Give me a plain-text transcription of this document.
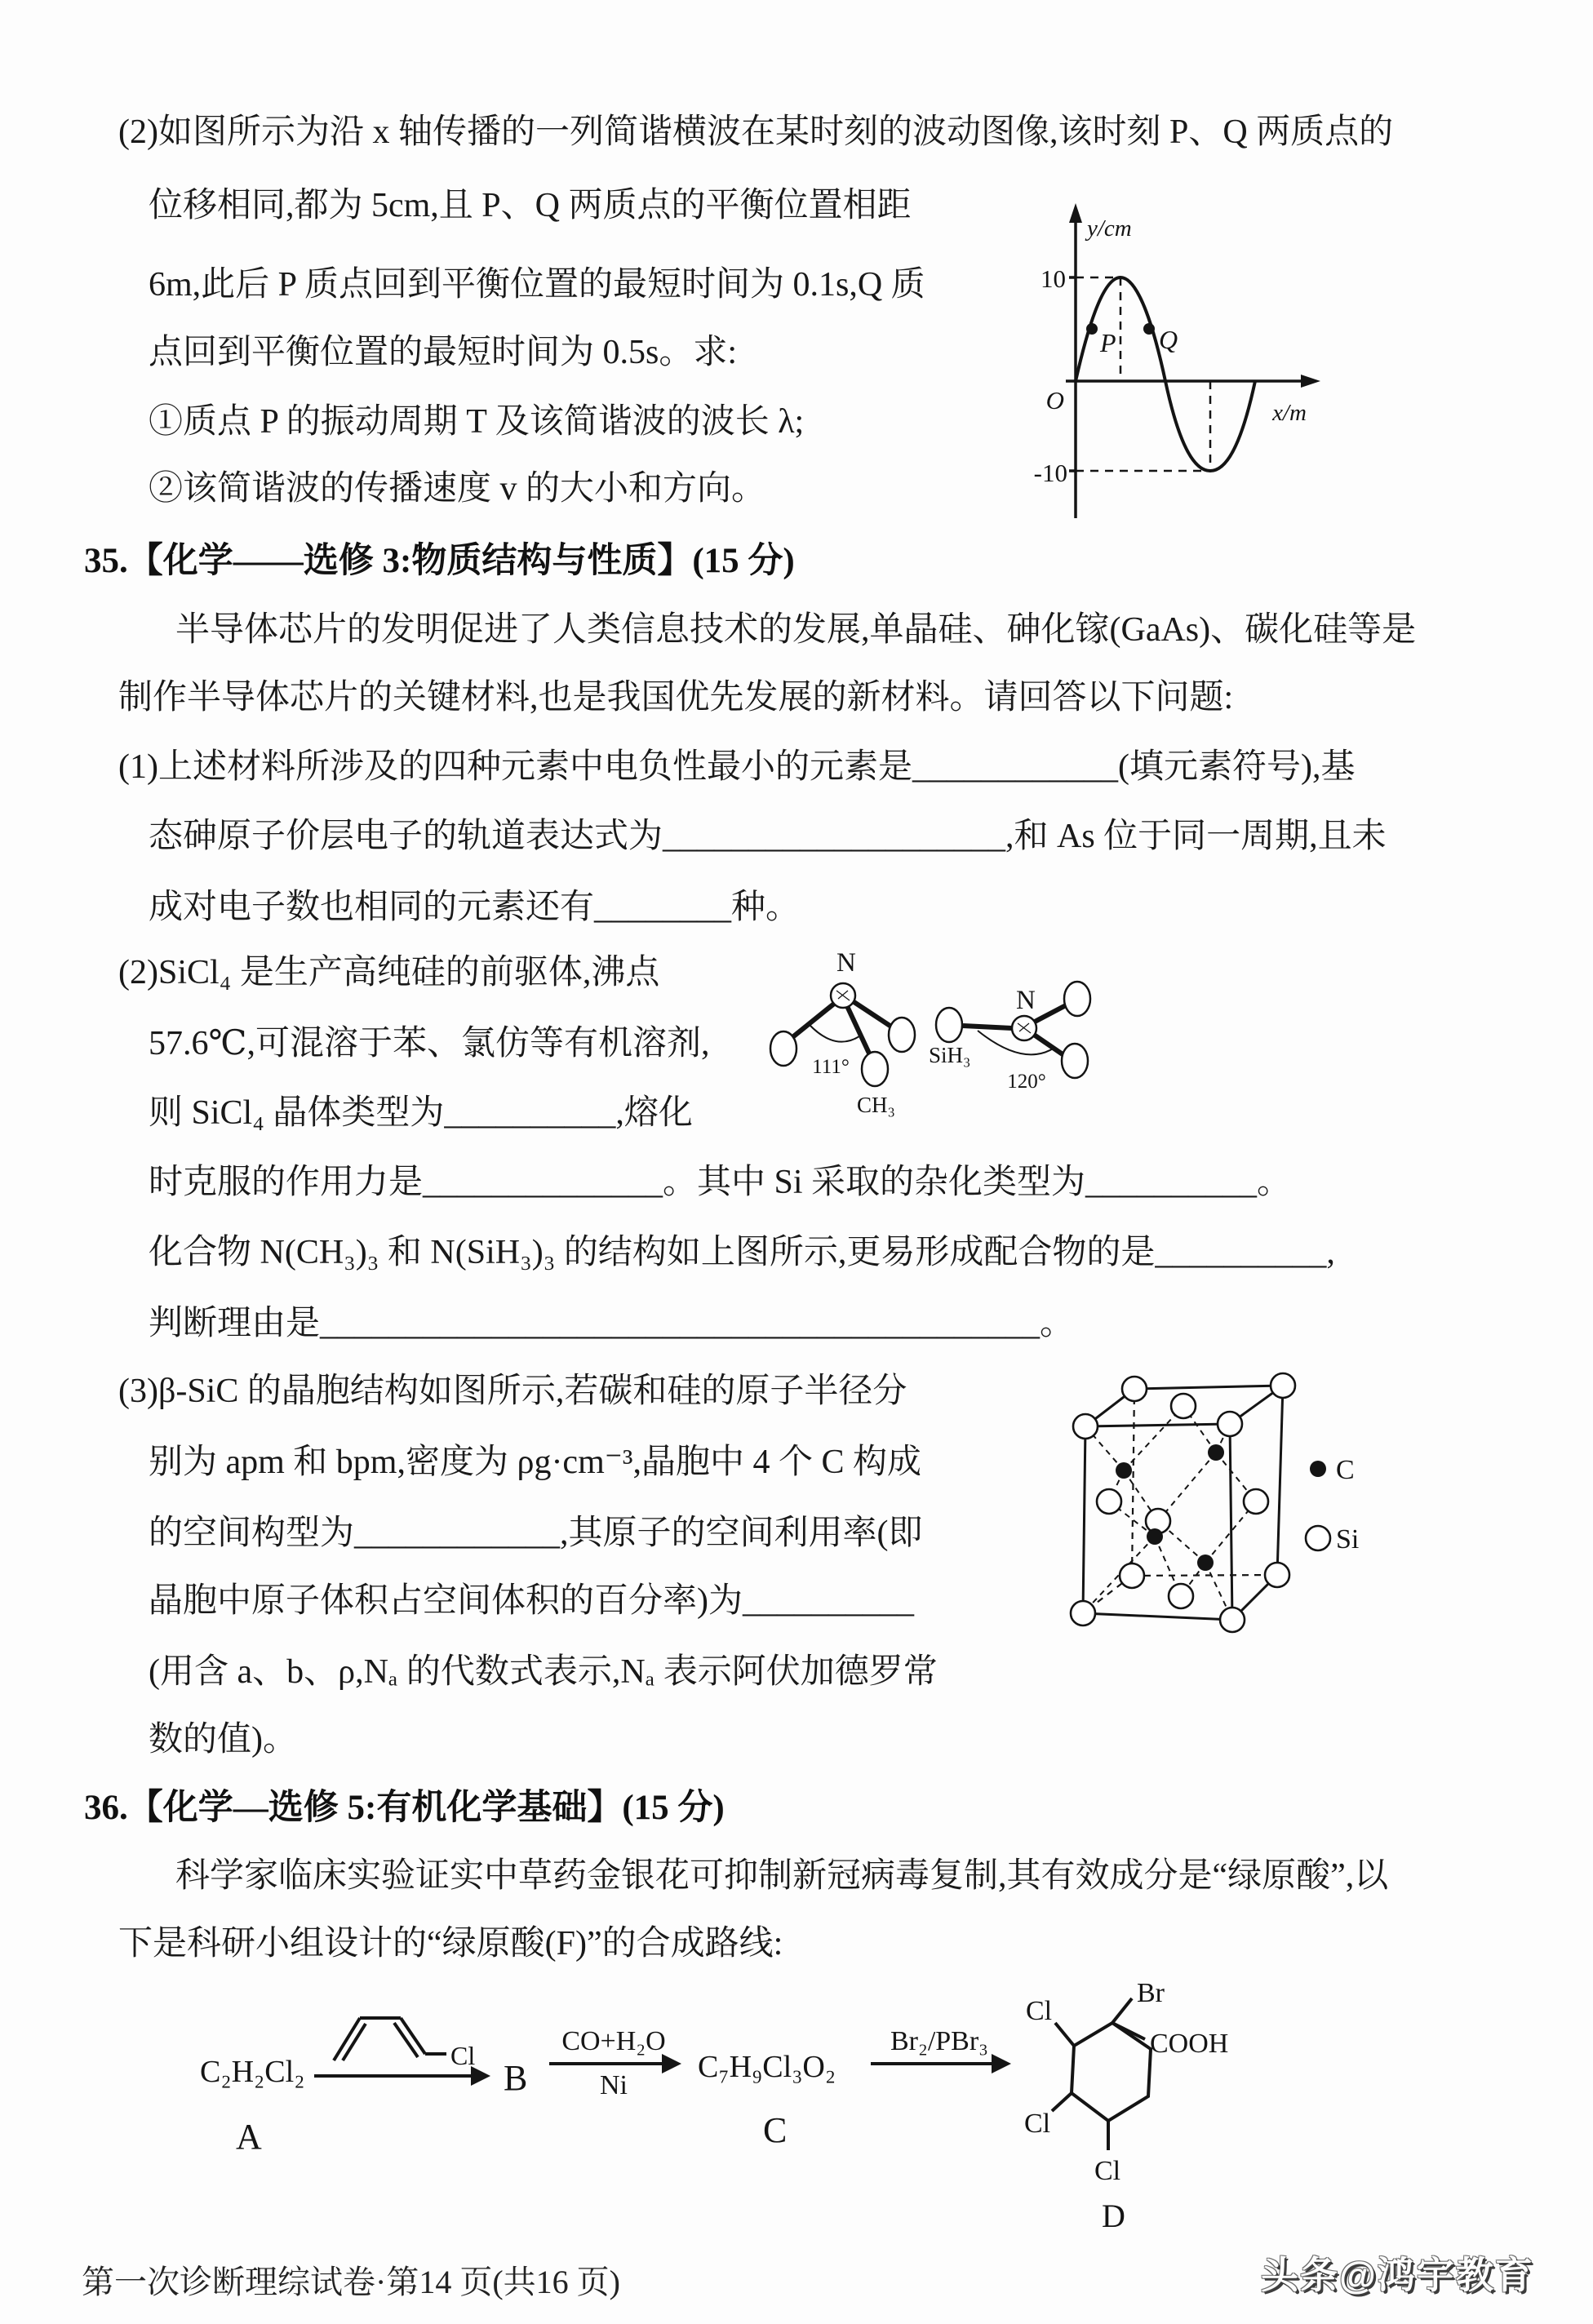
(2)如图所示为沿 x 轴传播的一列简谐横波在某时刻的波动图像,该时刻 P、Q 两质点的
位移相同,都为 5cm,且 P、Q 两质点的平衡位置相距
6m,此后 P 质点回到平衡位置的最短时间为 0.1s,Q 质
点回到平衡位置的最短时间为 0.5s。求:
①质点 P 的振动周期 T 及该简谐波的波长 λ;
②该简谐波的传播速度 v 的大小和方向。
P Q
y/cm
x/m
10
-10
O
35.【化学——选修 3:物质结构与性质】(15 分)
半导体芯片的发明促进了人类信息技术的发展,单晶硅、砷化镓(GaAs)、碳化硅等是
制作半导体芯片的关键材料,也是我国优先发展的新材料。请回答以下问题:
(1)上述材料所涉及的四种元素中电负性最小的元素是____________(填元素符号),基
态砷原子价层电子的轨道表达式为____________________,和 As 位于同一周期,且未
成对电子数也相同的元素还有________种。
(2)SiCl₄ 是生产高纯硅的前驱体,沸点
57.6℃,可混溶于苯、氯仿等有机溶剂,
则 SiCl₄ 晶体类型为__________,熔化
时克服的作用力是______________。其中 Si 采取的杂化类型为__________。
化合物 N(CH₃)₃ 和 N(SiH₃)₃ 的结构如上图所示,更易形成配合物的是__________,
判断理由是__________________________________________。
N
111°
CH₃
N
120°
SiH₃
(3)β-SiC 的晶胞结构如图所示,若碳和硅的原子半径分
别为 apm 和 bpm,密度为 ρg·cm⁻³,晶胞中 4 个 C 构成
的空间构型为____________,其原子的空间利用率(即
晶胞中原子体积占空间体积的百分率)为__________
(用含 a、b、ρ,Nₐ 的代数式表示,Nₐ 表示阿伏加德罗常
数的值)。
C
Si
36.【化学—选修 5:有机化学基础】(15 分)
科学家临床实验证实中草药金银花可抑制新冠病毒复制,其有效成分是“绿原酸”,以
下是科研小组设计的“绿原酸(F)”的合成路线:
C₂H₂Cl₂
A
Cl
B
CO+H₂O
Ni
C₇H₉Cl₃O₂
C
Br₂/PBr₃
Br
COOH
Cl
Cl
Cl
D
第一次诊断理综试卷·第14 页(共16 页)	头条@鸿宇教育
